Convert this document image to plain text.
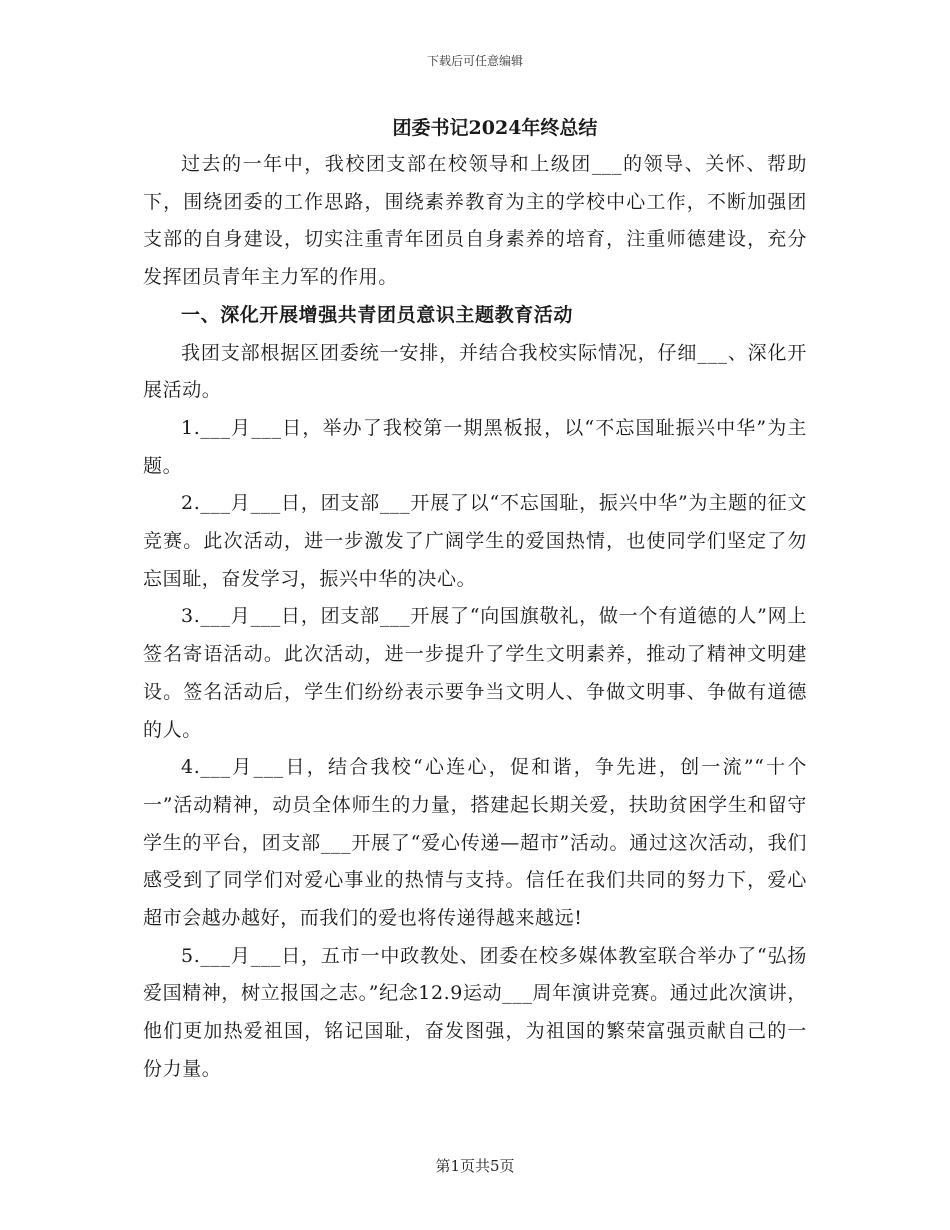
下载后可任意编辑
团委书记2024年终总结

过去的一年中，我校团支部在校领导和上级团___的领导、关怀、帮助下，围绕团委的工作思路，围绕素养教育为主的学校中心工作，不断加强团支部的自身建设，切实注重青年团员自身素养的培育，注重师德建设，充分发挥团员青年主力军的作用。

一、深化开展增强共青团员意识主题教育活动

我团支部根据区团委统一安排，并结合我校实际情况，仔细___、深化开展活动。

1.___月___日，举办了我校第一期黑板报，以“不忘国耻振兴中华”为主题。

2.___月___日，团支部___开展了以“不忘国耻，振兴中华”为主题的征文竞赛。此次活动，进一步激发了广阔学生的爱国热情，也使同学们坚定了勿忘国耻，奋发学习，振兴中华的决心。

3.___月___日，团支部___开展了“向国旗敬礼，做一个有道德的人”网上签名寄语活动。此次活动，进一步提升了学生文明素养，推动了精神文明建设。签名活动后，学生们纷纷表示要争当文明人、争做文明事、争做有道德的人。

4.___月___日，结合我校“心连心，促和谐，争先进，创一流”“十个一”活动精神，动员全体师生的力量，搭建起长期关爱，扶助贫困学生和留守学生的平台，团支部___开展了“爱心传递—超市”活动。通过这次活动，我们感受到了同学们对爱心事业的热情与支持。信任在我们共同的努力下，爱心超市会越办越好，而我们的爱也将传递得越来越远!

5.___月___日，五市一中政教处、团委在校多媒体教室联合举办了“弘扬爱国精神，树立报国之志。”纪念12.9运动___周年演讲竞赛。通过此次演讲，他们更加热爱祖国，铭记国耻，奋发图强，为祖国的繁荣富强贡献自己的一份力量。

第1页共5页
